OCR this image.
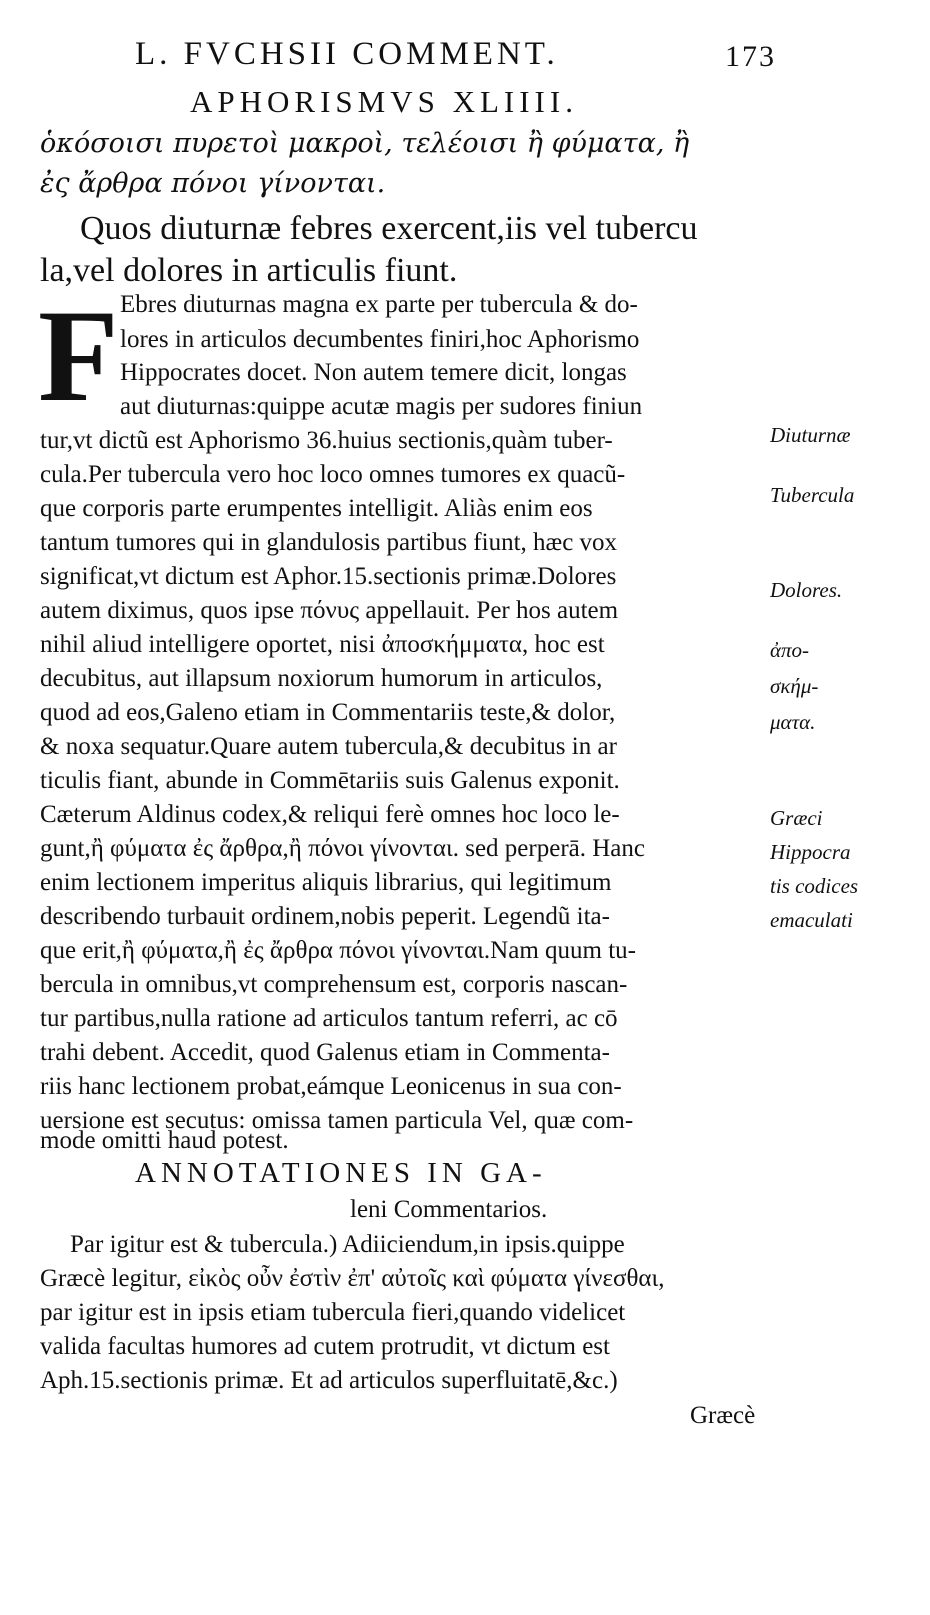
L. FVCHSII COMMENT.	173
APHORISMVS XLIIII.
ὁκόσοισι πυρετοὶ μακροὶ, τελέοισι ἢ φύματα, ἢ
ἐς ἄρθρα πόνοι γίνονται.
Quos diuturnæ febres exercent,iis vel tubercu
la,vel dolores in articulis fiunt.
F Ebres diuturnas magna ex parte per tubercula & do-
lores in articulos decumbentes finiri,hoc Aphorismo
Hippocrates docet. Non autem temere dicit, longas
aut diuturnas:quippe acutæ magis per sudores finiun
tur,vt dictũ est Aphorismo 36.huius sectionis,quàm tuber-
cula.Per tubercula vero hoc loco omnes tumores ex quacũ-
que corporis parte erumpentes intelligit. Aliàs enim eos
tantum tumores qui in glandulosis partibus fiunt, hæc vox
significat,vt dictum est Aphor.15.sectionis primæ.Dolores
autem diximus, quos ipse πόνυς appellauit. Per hos autem
nihil aliud intelligere oportet, nisi ἀποσκήμματα, hoc est
decubitus, aut illapsum noxiorum humorum in articulos,
quod ad eos,Galeno etiam in Commentariis teste,& dolor,
& noxa sequatur.Quare autem tubercula,& decubitus in ar
ticulis fiant, abunde in Commētariis suis Galenus exponit.
Cæterum Aldinus codex,& reliqui ferè omnes hoc loco le-
gunt,ἢ φύματα ἐς ἄρθρα,ἢ πόνοι γίνονται. sed perperā. Hanc
enim lectionem imperitus aliquis librarius, qui legitimum
describendo turbauit ordinem,nobis peperit. Legendũ ita-
que erit,ἢ φύματα,ἢ ἐς ἄρθρα πόνοι γίνονται.Nam quum tu-
bercula in omnibus,vt comprehensum est, corporis nascan-
tur partibus,nulla ratione ad articulos tantum referri, ac cō
trahi debent. Accedit, quod Galenus etiam in Commenta-
riis hanc lectionem probat,eámque Leonicenus in sua con-
uersione est secutus: omissa tamen particula Vel, quæ com-
mode omitti haud potest.
Diuturnæ
Tubercula
Dolores.
ἀπο-
σκήμ-
ματα.
Græci
Hippocra
tis codices
emaculati
ANNOTATIONES IN GA-
leni Commentarios.
Par igitur est & tubercula.) Adiiciendum,in ipsis.quippe
Græcè legitur, εἰκὸς οὖν ἐστὶν ἐπ' αὐτοῖς καὶ φύματα γίνεσθαι,
par igitur est in ipsis etiam tubercula fieri,quando videlicet
valida facultas humores ad cutem protrudit, vt dictum est
Aph.15.sectionis primæ. Et ad articulos superfluitatē,&c.)
Græcè
